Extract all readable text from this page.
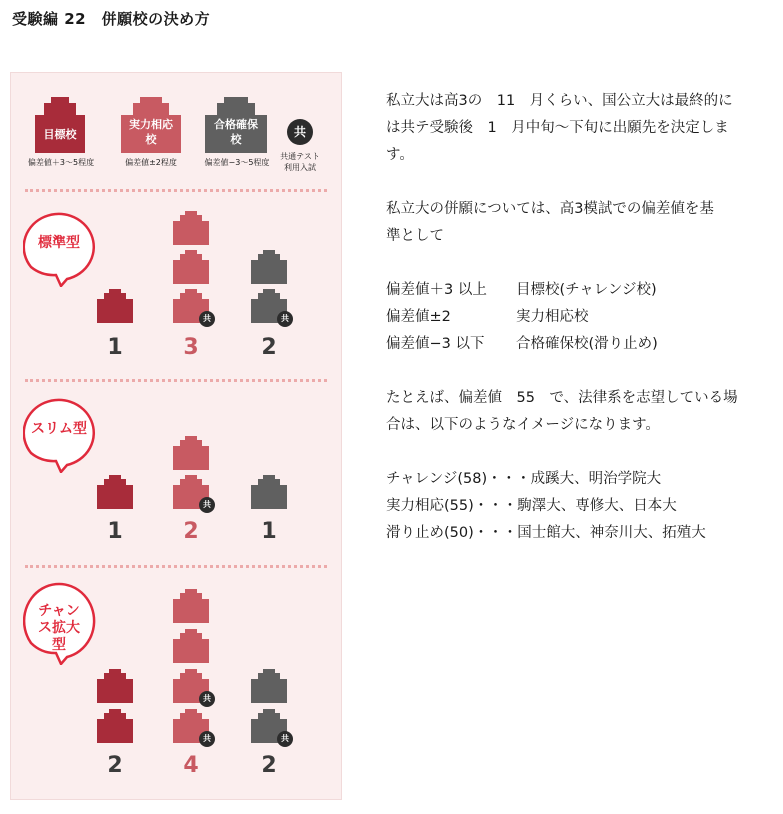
受験編 22　併願校の決め方
目標校
偏差値＋3〜5程度
実力相応校
偏差値±2程度
合格確保校
偏差値−3〜5程度
共
共通テスト利用入試
標準型
スリム型
チャンス拡大型
共	共
1	3	2
共
1	2	1
共
共	共
2	4	2
私立大は高3の　11　月くらい、国公立大は最終的に
は共テ受験後　1　月中旬〜下旬に出願先を決定しま
す。
私立大の併願については、高3模試での偏差値を基
準として
偏差値＋3 以上	目標校(チャレンジ校)
偏差値±2	実力相応校
偏差値−3 以下	合格確保校(滑り止め)
たとえば、偏差値　55　で、法律系を志望している場
合は、以下のようなイメージになります。
チャレンジ(58)・・・成蹊大、明治学院大
実力相応(55)・・・駒澤大、専修大、日本大
滑り止め(50)・・・国士館大、神奈川大、拓殖大
